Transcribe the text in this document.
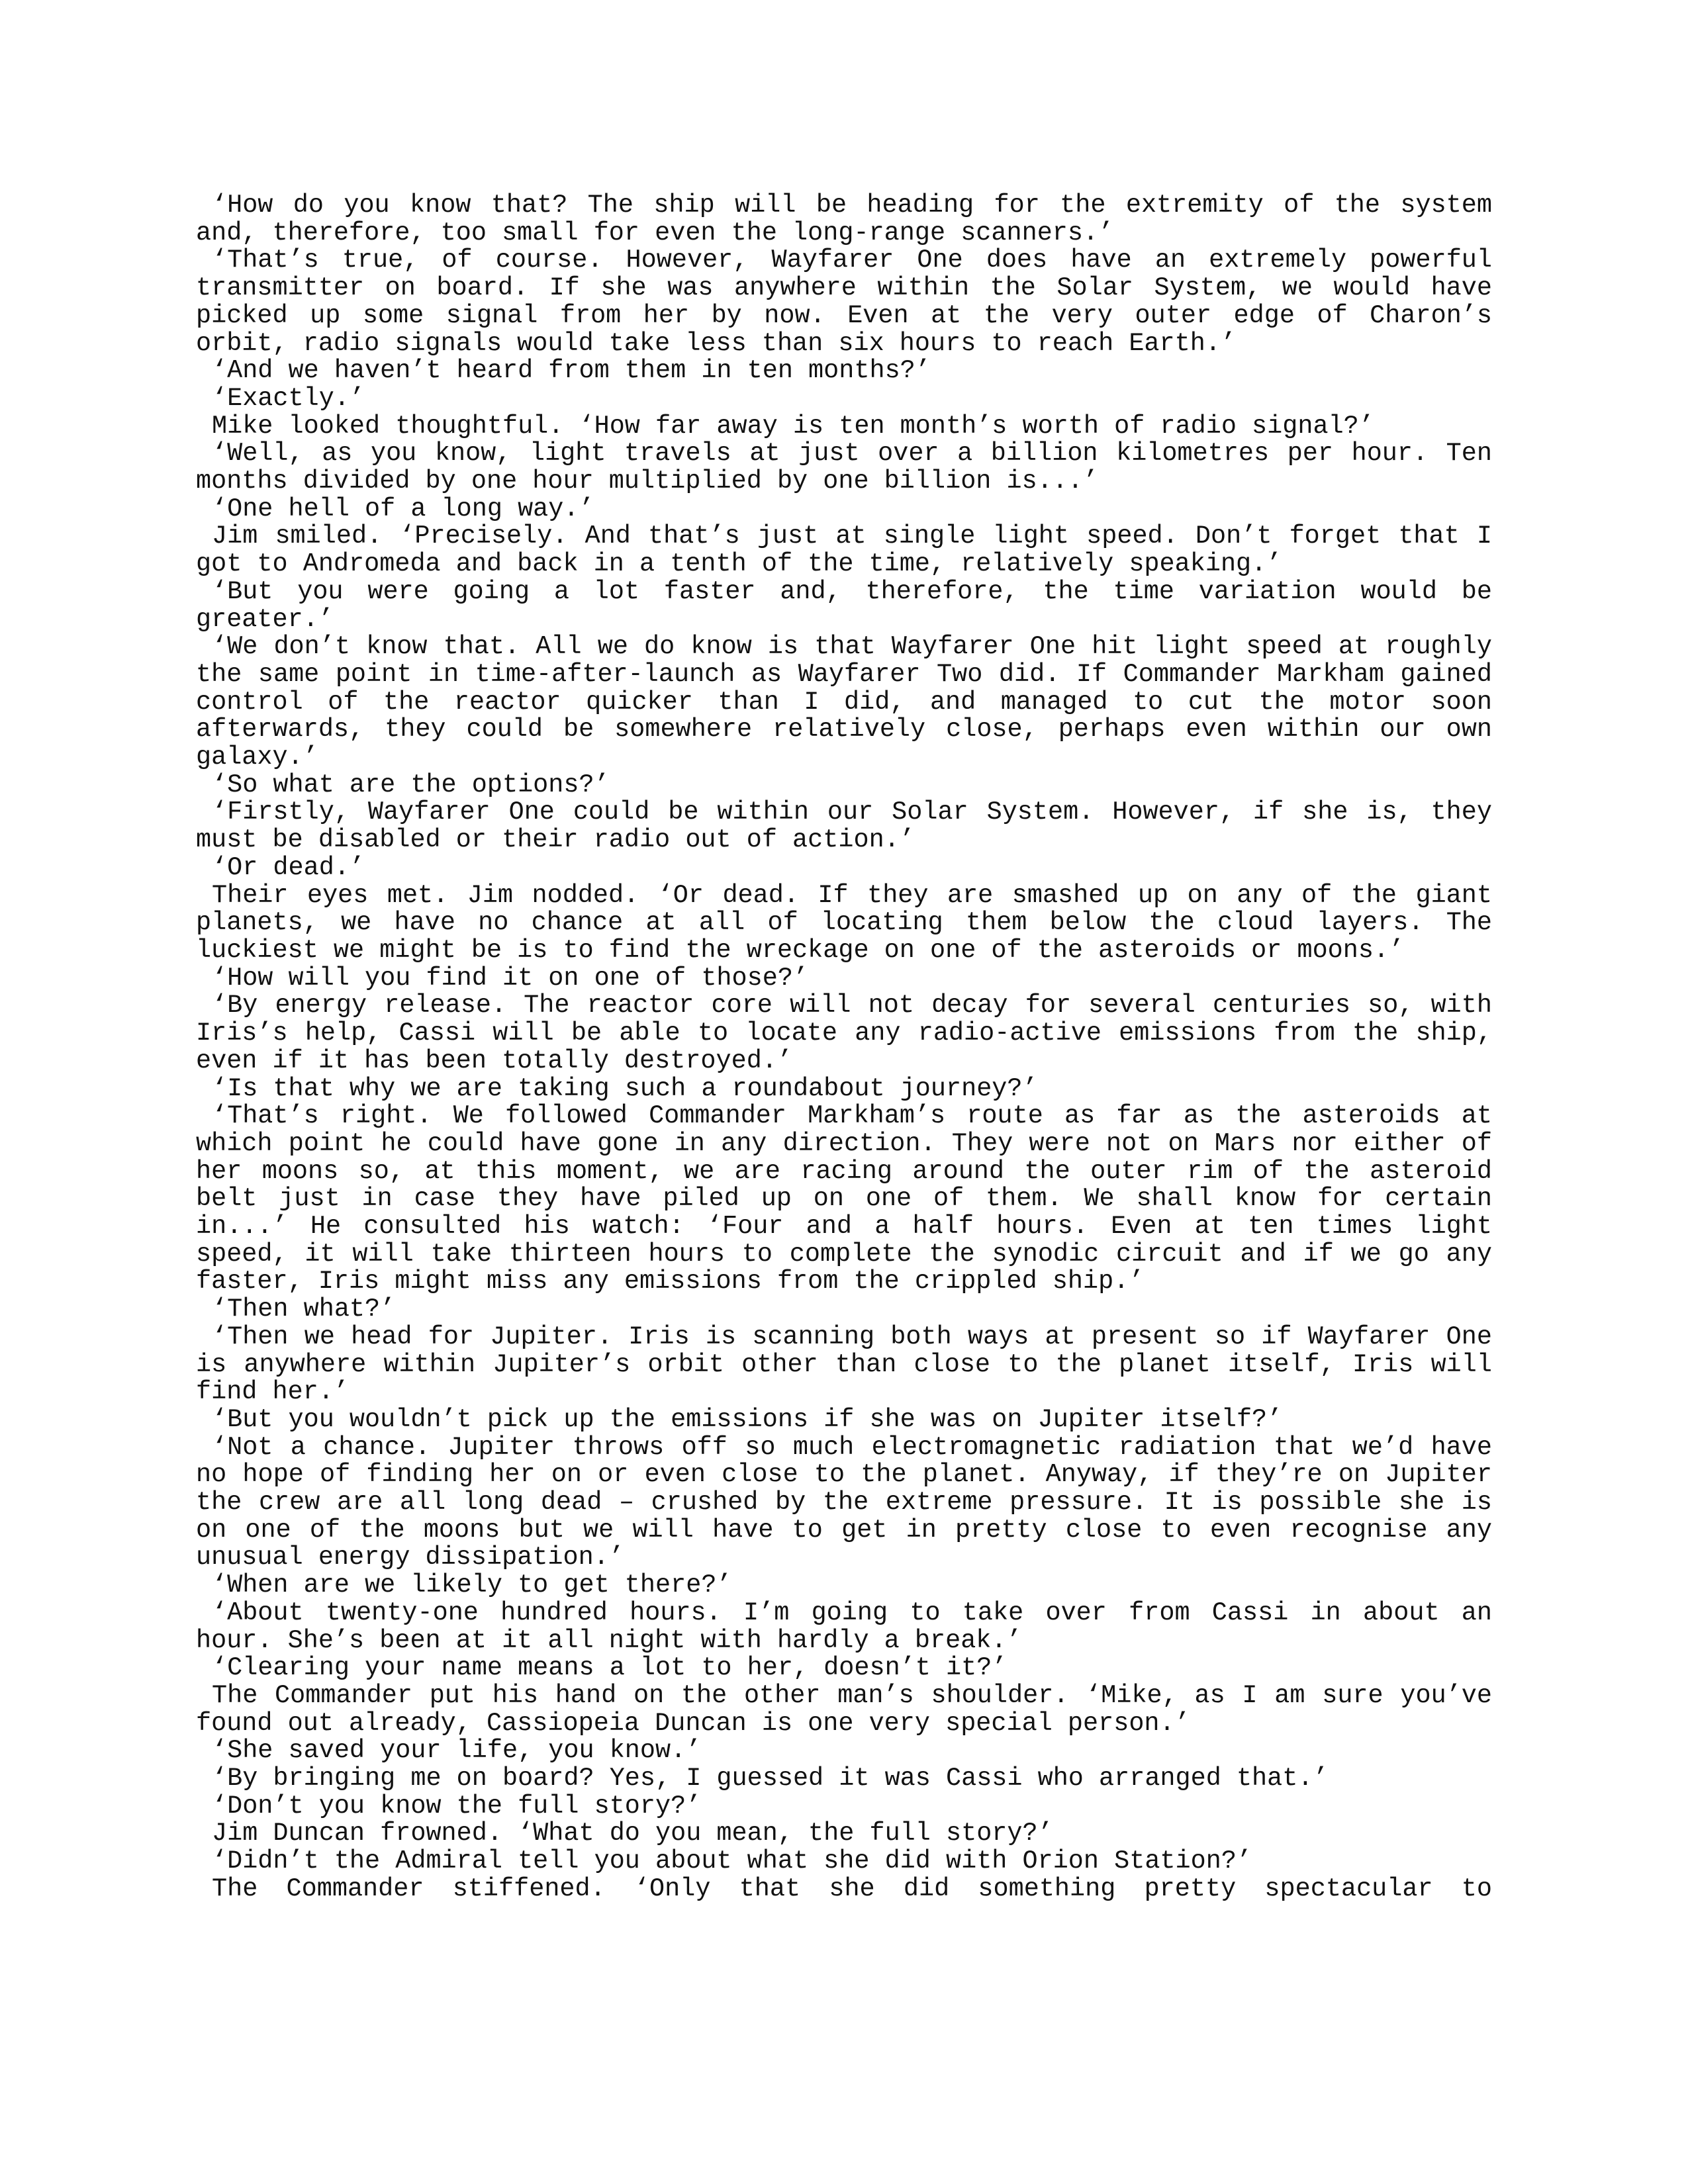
‘How do you know that? The ship will be heading for the extremity of the system and, therefore, too small for even the long-range scanners.’

‘That’s true, of course. However, Wayfarer One does have an extremely powerful transmitter on board. If she was anywhere within the Solar System, we would have picked up some signal from her by now. Even at the very outer edge of Charon’s orbit, radio signals would take less than six hours to reach Earth.’

‘And we haven’t heard from them in ten months?’

‘Exactly.’

Mike looked thoughtful. ‘How far away is ten month’s worth of radio signal?’

‘Well, as you know, light travels at just over a billion kilometres per hour. Ten months divided by one hour multiplied by one billion is...’

‘One hell of a long way.’

Jim smiled. ‘Precisely. And that’s just at single light speed. Don’t forget that I got to Andromeda and back in a tenth of the time, relatively speaking.’

‘But you were going a lot faster and, therefore, the time variation would be greater.’

‘We don’t know that. All we do know is that Wayfarer One hit light speed at roughly the same point in time-after-launch as Wayfarer Two did. If Commander Markham gained control of the reactor quicker than I did, and managed to cut the motor soon afterwards, they could be somewhere relatively close, perhaps even within our own galaxy.’

‘So what are the options?’

‘Firstly, Wayfarer One could be within our Solar System. However, if she is, they must be disabled or their radio out of action.’

‘Or dead.’

Their eyes met. Jim nodded. ‘Or dead. If they are smashed up on any of the giant planets, we have no chance at all of locating them below the cloud layers. The luckiest we might be is to find the wreckage on one of the asteroids or moons.’

‘How will you find it on one of those?’

‘By energy release. The reactor core will not decay for several centuries so, with Iris’s help, Cassi will be able to locate any radio-active emissions from the ship, even if it has been totally destroyed.’

‘Is that why we are taking such a roundabout journey?’

‘That’s right. We followed Commander Markham’s route as far as the asteroids at which point he could have gone in any direction. They were not on Mars nor either of her moons so, at this moment, we are racing around the outer rim of the asteroid belt just in case they have piled up on one of them. We shall know for certain in...’ He consulted his watch: ‘Four and a half hours. Even at ten times light speed, it will take thirteen hours to complete the synodic circuit and if we go any faster, Iris might miss any emissions from the crippled ship.’

‘Then what?’

‘Then we head for Jupiter. Iris is scanning both ways at present so if Wayfarer One is anywhere within Jupiter’s orbit other than close to the planet itself, Iris will find her.’

‘But you wouldn’t pick up the emissions if she was on Jupiter itself?’

‘Not a chance. Jupiter throws off so much electromagnetic radiation that we’d have no hope of finding her on or even close to the planet. Anyway, if they’re on Jupiter the crew are all long dead – crushed by the extreme pressure. It is possible she is on one of the moons but we will have to get in pretty close to even recognise any unusual energy dissipation.’

‘When are we likely to get there?’

‘About twenty-one hundred hours. I’m going to take over from Cassi in about an hour. She’s been at it all night with hardly a break.’

‘Clearing your name means a lot to her, doesn’t it?’

The Commander put his hand on the other man’s shoulder. ‘Mike, as I am sure you’ve found out already, Cassiopeia Duncan is one very special person.’

‘She saved your life, you know.’

‘By bringing me on board? Yes, I guessed it was Cassi who arranged that.’

‘Don’t you know the full story?’

Jim Duncan frowned. ‘What do you mean, the full story?’

‘Didn’t the Admiral tell you about what she did with Orion Station?’

The Commander stiffened. ‘Only that she did something pretty spectacular to
